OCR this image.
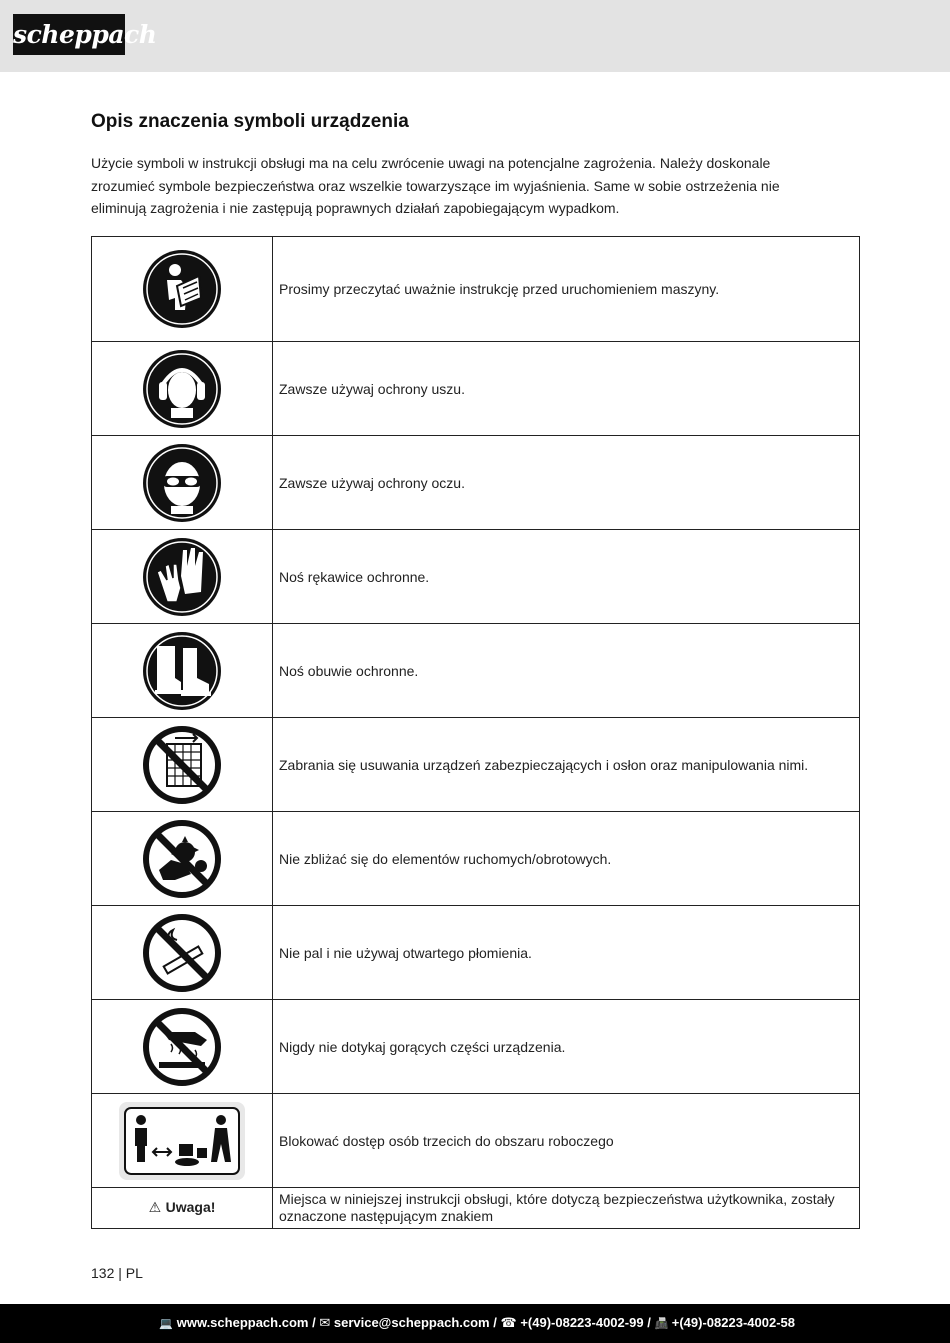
scheppach
Opis znaczenia symboli urządzenia

Użycie symboli w instrukcji obsługi ma na celu zwrócenie uwagi na potencjalne zagrożenia. Należy doskonale zrozumieć symbole bezpieczeństwa oraz wszelkie towarzyszące im wyjaśnienia. Same w sobie ostrzeżenia nie eliminują zagrożenia i nie zastępują poprawnych działań zapobiegającym wypadkom.

	Prosimy przeczytać uważnie instrukcję przed uruchomieniem maszyny.

	Zawsze używaj ochrony uszu.

	Zawsze używaj ochrony oczu.

	Noś rękawice ochronne.

	Noś obuwie ochronne.

	Zabrania się usuwania urządzeń zabezpieczających i osłon oraz manipulowania nimi.

	Nie zbliżać się do elementów ruchomych/obrotowych.

	Nie pal i nie używaj otwartego płomienia.

	Nigdy nie dotykaj gorących części urządzenia.

	Blokować dostęp osób trzecich do obszaru roboczego
⚠ Uwaga!	Miejsca w niniejszej instrukcji obsługi, które dotyczą bezpieczeństwa użytkownika, zostały oznaczone następującym znakiem
132 | PL
💻 www.scheppach.com / ✉ service@scheppach.com / ☎ +(49)-08223-4002-99 / 📠 +(49)-08223-4002-58
